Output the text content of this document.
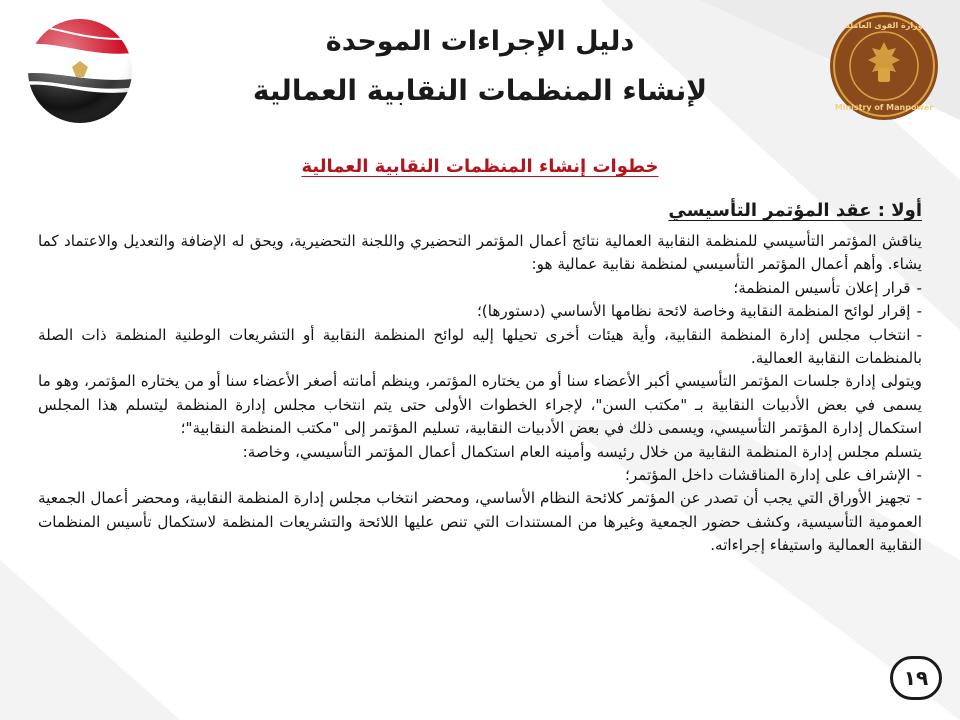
Ministry of Manpower
وزارة القوى العاملة
دليل الإجراءات الموحدة
لإنشاء المنظمات النقابية العمالية
خطوات إنشاء المنظمات النقابية العمالية
أولا : عقد المؤتمر التأسيسي

يناقش المؤتمر التأسيسي للمنظمة النقابية العمالية نتائج أعمال المؤتمر التحضيري واللجنة التحضيرية، ويحق له الإضافة والتعديل والاعتماد كما يشاء. وأهم أعمال المؤتمر التأسيسي لمنظمة نقابية عمالية هو:

-قرار إعلان تأسيس المنظمة؛
-إقرار لوائح المنظمة النقابية وخاصة لائحة نظامها الأساسي (دستورها)؛
-انتخاب مجلس إدارة المنظمة النقابية، وأية هيئات أخرى تحيلها إليه لوائح المنظمة النقابية أو التشريعات الوطنية المنظمة ذات الصلة بالمنظمات النقابية العمالية.

ويتولى إدارة جلسات المؤتمر التأسيسي أكبر الأعضاء سنا أو من يختاره المؤتمر، وينظم أمانته أصغر الأعضاء سنا أو من يختاره المؤتمر، وهو ما يسمى في بعض الأدبيات النقابية بـ "مكتب السن"، لإجراء الخطوات الأولى حتى يتم انتخاب مجلس إدارة المنظمة ليتسلم هذا المجلس استكمال إدارة المؤتمر التأسيسي، ويسمى ذلك في بعض الأدبيات النقابية، تسليم المؤتمر إلى "مكتب المنظمة النقابية"؛

يتسلم مجلس إدارة المنظمة النقابية من خلال رئيسه وأمينه العام استكمال أعمال المؤتمر التأسيسي، وخاصة:

-الإشراف على إدارة المناقشات داخل المؤتمر؛
-تجهيز الأوراق التي يجب أن تصدر عن المؤتمر كلائحة النظام الأساسي، ومحضر انتخاب مجلس إدارة المنظمة النقابية، ومحضر أعمال الجمعية العمومية التأسيسية، وكشف حضور الجمعية وغيرها من المستندات التي تنص عليها اللائحة والتشريعات المنظمة لاستكمال تأسيس المنظمات النقابية العمالية واستيفاء إجراءاته.
١٩
